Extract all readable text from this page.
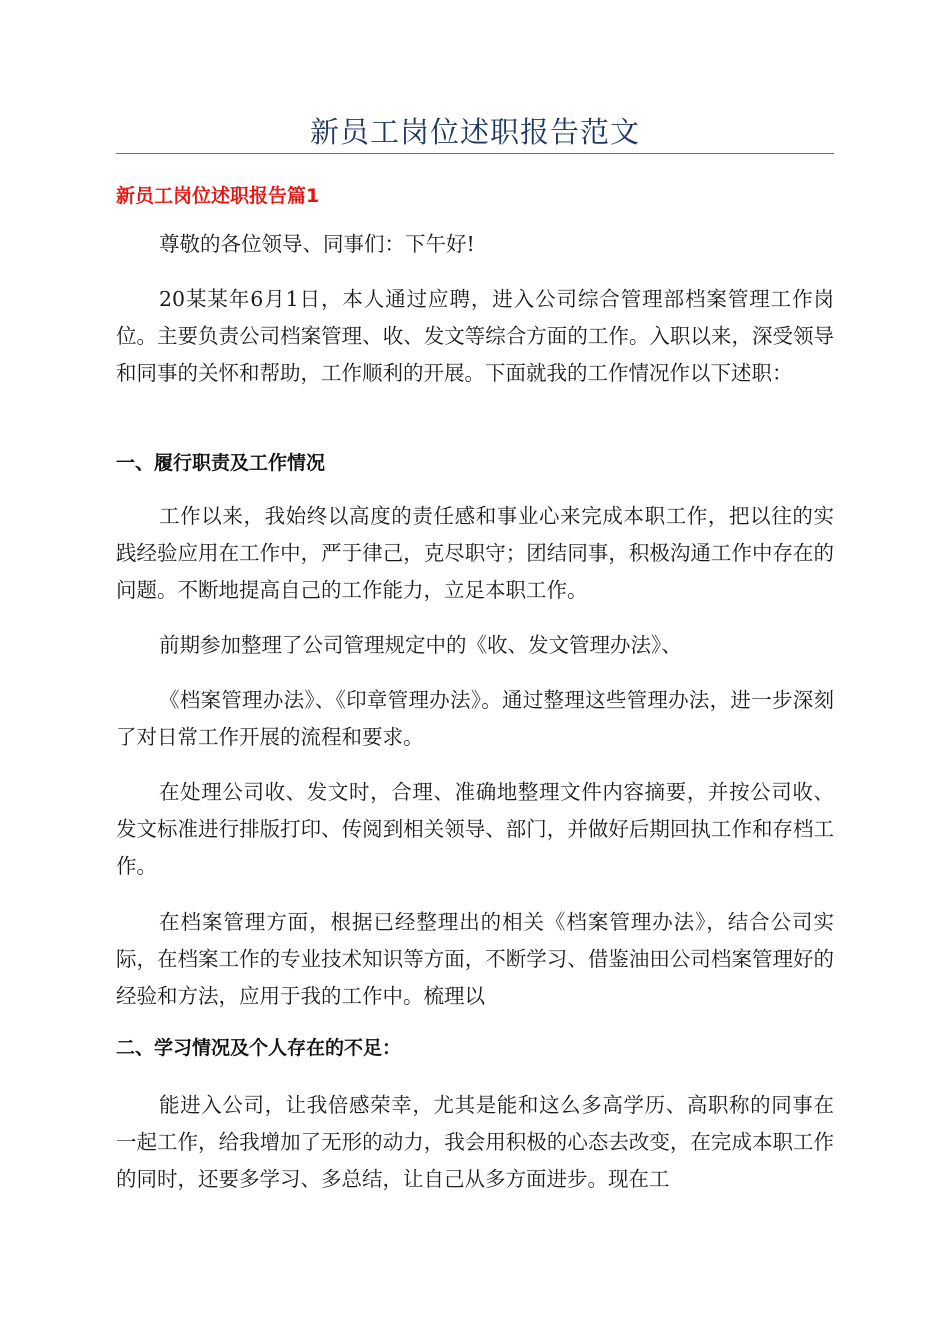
新员工岗位述职报告范文
新员工岗位述职报告篇1

尊敬的各位领导、同事们：下午好!

20某某年6月1日，本人通过应聘，进入公司综合管理部档案管理工作岗位。主要负责公司档案管理、收、发文等综合方面的工作。入职以来，深受领导和同事的关怀和帮助，工作顺利的开展。下面就我的工作情况作以下述职：

一、履行职责及工作情况

工作以来，我始终以高度的责任感和事业心来完成本职工作，把以往的实践经验应用在工作中，严于律己，克尽职守；团结同事，积极沟通工作中存在的问题。不断地提高自己的工作能力，立足本职工作。

前期参加整理了公司管理规定中的《收、发文管理办法》、

《档案管理办法》、《印章管理办法》。通过整理这些管理办法，进一步深刻了对日常工作开展的流程和要求。

在处理公司收、发文时，合理、准确地整理文件内容摘要，并按公司收、发文标准进行排版打印、传阅到相关领导、部门，并做好后期回执工作和存档工作。

在档案管理方面，根据已经整理出的相关《档案管理办法》，结合公司实际，在档案工作的专业技术知识等方面，不断学习、借鉴油田公司档案管理好的经验和方法，应用于我的工作中。梳理以

二、学习情况及个人存在的不足：

能进入公司，让我倍感荣幸，尤其是能和这么多高学历、高职称的同事在一起工作，给我增加了无形的动力，我会用积极的心态去改变，在完成本职工作的同时，还要多学习、多总结，让自己从多方面进步。现在工
